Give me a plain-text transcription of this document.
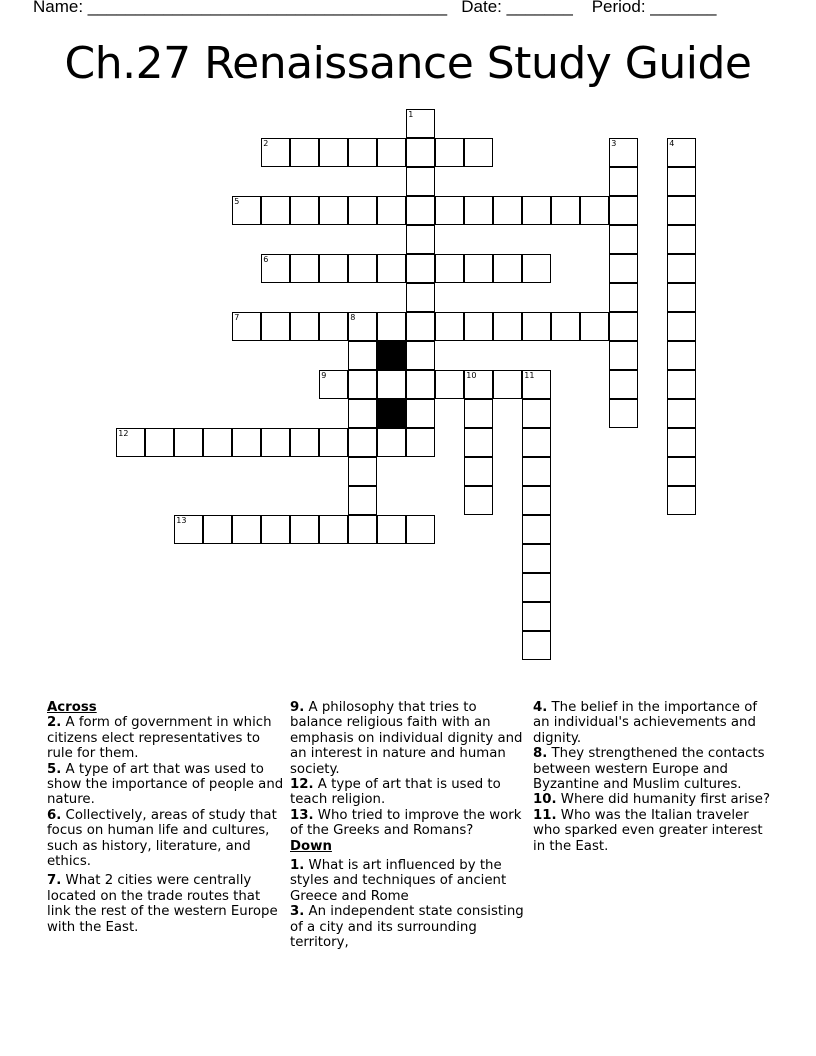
Name: ______________________________________ Date: _______ Period: _______
Ch.27 Renaissance Study Guide
1
2	3	4
5
6
7	8
9	10	11
12
13
Across

2. A form of government in which citizens elect representatives to rule for them.

5. A type of art that was used to show the importance of people and nature.

6. Collectively, areas of study that focus on human life and cultures, such as history, literature, and ethics.

7. What 2 cities were centrally located on the trade routes that link the rest of the western Europe with the East.

9. A philosophy that tries to balance religious faith with an emphasis on individual dignity and an interest in nature and human society.

12. A type of art that is used to teach religion.

13. Who tried to improve the work of the Greeks and Romans?

Down

1. What is art influenced by the styles and techniques of ancient Greece and Rome

3. An independent state consisting of a city and its surrounding territory,

4. The belief in the importance of an individual's achievements and dignity.

8. They strengthened the contacts between western Europe and Byzantine and Muslim cultures.

10. Where did humanity first arise?

11. Who was the Italian traveler who sparked even greater interest in the East.
